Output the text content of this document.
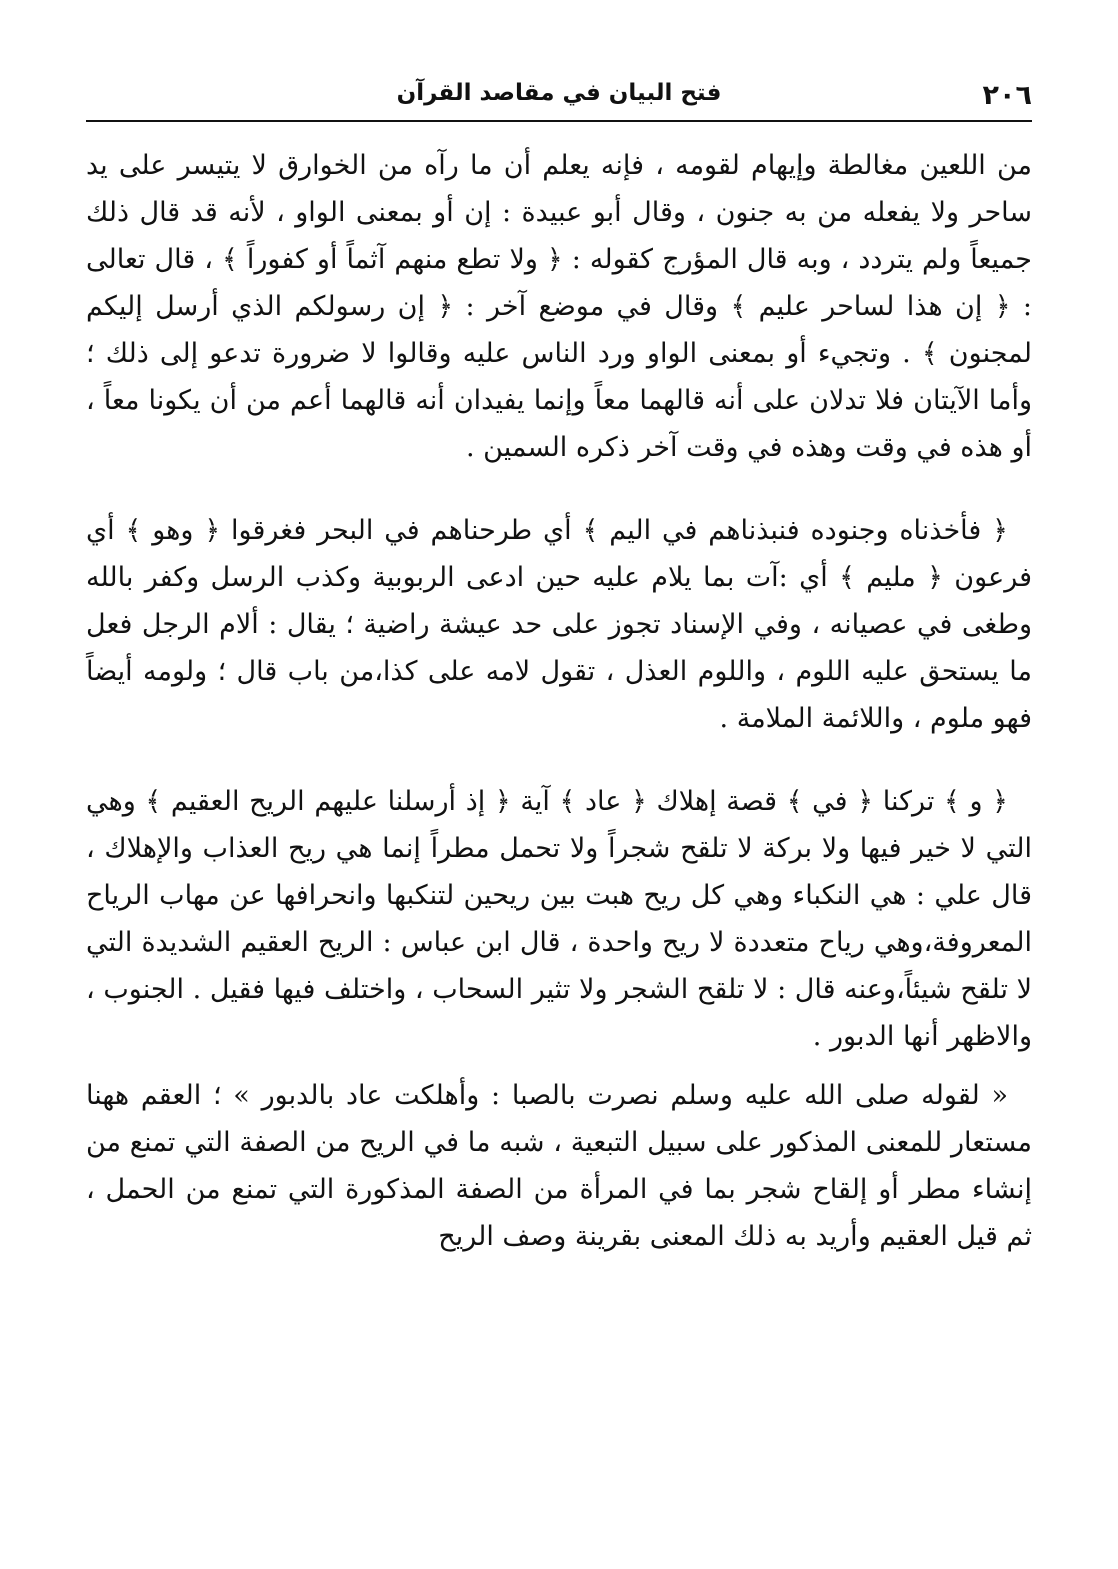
٢٠٦
فتح البيان في مقاصد القرآن

من اللعين مغالطة وإيهام لقومه ، فإنه يعلم أن ما رآه من الخوارق لا يتيسر على يد ساحر ولا يفعله من به جنون ، وقال أبو عبيدة : إن أو بمعنى الواو ، لأنه قد قال ذلك جميعاً ولم يتردد ، وبه قال المؤرج كقوله : ﴿ ولا تطع منهم آثماً أو كفوراً ﴾ ، قال تعالى : ﴿ إن هذا لساحر عليم ﴾ وقال في موضع آخر : ﴿ إن رسولكم الذي أرسل إليكم لمجنون ﴾ . وتجيء أو بمعنى الواو ورد الناس عليه وقالوا لا ضرورة تدعو إلى ذلك ؛ وأما الآيتان فلا تدلان على أنه قالهما معاً وإنما يفيدان أنه قالهما أعم من أن يكونا معاً ، أو هذه في وقت وهذه في وقت آخر ذكره السمين .

﴿ فأخذناه وجنوده فنبذناهم في اليم ﴾ أي طرحناهم في البحر فغرقوا ﴿ وهو ﴾ أي فرعون ﴿ مليم ﴾ أي :آت بما يلام عليه حين ادعى الربوبية وكذب الرسل وكفر بالله وطغى في عصيانه ، وفي الإسناد تجوز على حد عيشة راضية ؛ يقال : ألام الرجل فعل ما يستحق عليه اللوم ، واللوم العذل ، تقول لامه على كذا،من باب قال ؛ ولومه أيضاً فهو ملوم ، واللائمة الملامة .

﴿ و ﴾ تركنا ﴿ في ﴾ قصة إهلاك ﴿ عاد ﴾ آية ﴿ إذ أرسلنا عليهم الريح العقيم ﴾ وهي التي لا خير فيها ولا بركة لا تلقح شجراً ولا تحمل مطراً إنما هي ريح العذاب والإهلاك ، قال علي : هي النكباء وهي كل ريح هبت بين ريحين لتنكبها وانحرافها عن مهاب الرياح المعروفة،وهي رياح متعددة لا ريح واحدة ، قال ابن عباس : الريح العقيم الشديدة التي لا تلقح شيئاً،وعنه قال : لا تلقح الشجر ولا تثير السحاب ، واختلف فيها فقيل . الجنوب ، والاظهر أنها الدبور .

« لقوله صلى الله عليه وسلم نصرت بالصبا : وأهلكت عاد بالدبور » ؛ العقم ههنا مستعار للمعنى المذكور على سبيل التبعية ، شبه ما في الريح من الصفة التي تمنع من إنشاء مطر أو إلقاح شجر بما في المرأة من الصفة المذكورة التي تمنع من الحمل ، ثم قيل العقيم وأريد به ذلك المعنى بقرينة وصف الريح
